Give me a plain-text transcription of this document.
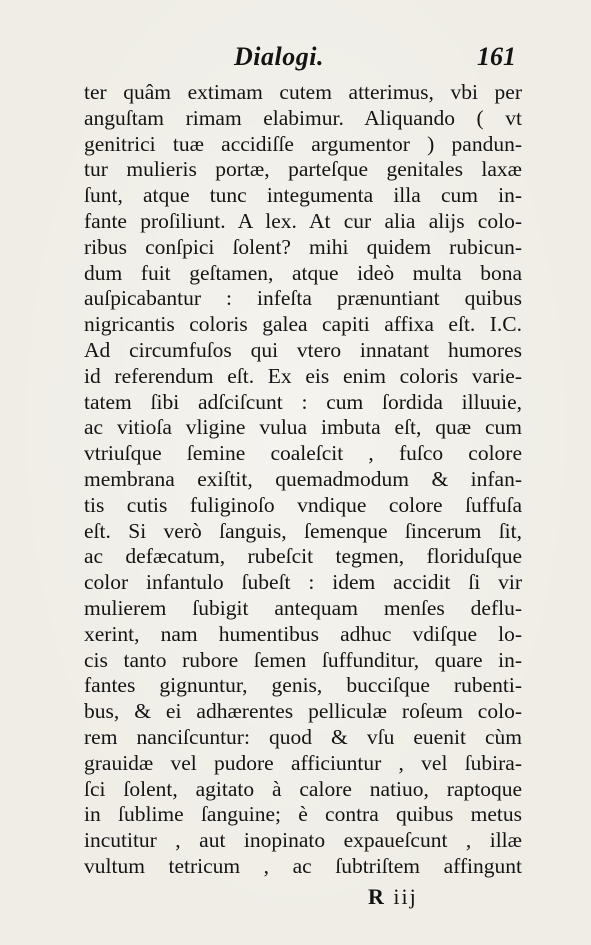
Dialogi.	161
ter quâm extimam cutem atterimus, vbi per
anguſtam rimam elabimur. Aliquando ( vt
genitrici tuæ accidiſſe argumentor ) pandun-
tur mulieris portæ, parteſque genitales laxæ
ſunt, atque tunc integumenta illa cum in-
fante proſiliunt. A lex. At cur alia alijs colo-
ribus conſpici ſolent? mihi quidem rubicun-
dum fuit geſtamen, atque ideò multa bona
auſpicabantur : infeſta prænuntiant quibus
nigricantis coloris galea capiti affixa eſt. I.C.
Ad circumfuſos qui vtero innatant humores
id referendum eſt. Ex eis enim coloris varie-
tatem ſibi adſciſcunt : cum ſordida illuuie,
ac vitioſa vligine vulua imbuta eſt, quæ cum
vtriuſque ſemine coaleſcit , fuſco colore
membrana exiſtit, quemadmodum & infan-
tis cutis fuliginoſo vndique colore ſuffuſa
eſt. Si verò ſanguis, ſemenque ſincerum ſit,
ac defæcatum, rubeſcit tegmen, floriduſque
color infantulo ſubeſt : idem accidit ſi vir
mulierem ſubigit antequam menſes deflu-
xerint, nam humentibus adhuc vdiſque lo-
cis tanto rubore ſemen ſuffunditur, quare in-
fantes gignuntur, genis, bucciſque rubenti-
bus, & ei adhærentes pelliculæ roſeum colo-
rem nanciſcuntur: quod & vſu euenit cùm
grauidæ vel pudore afficiuntur , vel ſubira-
ſci ſolent, agitato à calore natiuo, raptoque
in ſublime ſanguine; è contra quibus metus
incutitur , aut inopinato expaueſcunt , illæ
vultum tetricum , ac ſubtriſtem affingunt
R iij
